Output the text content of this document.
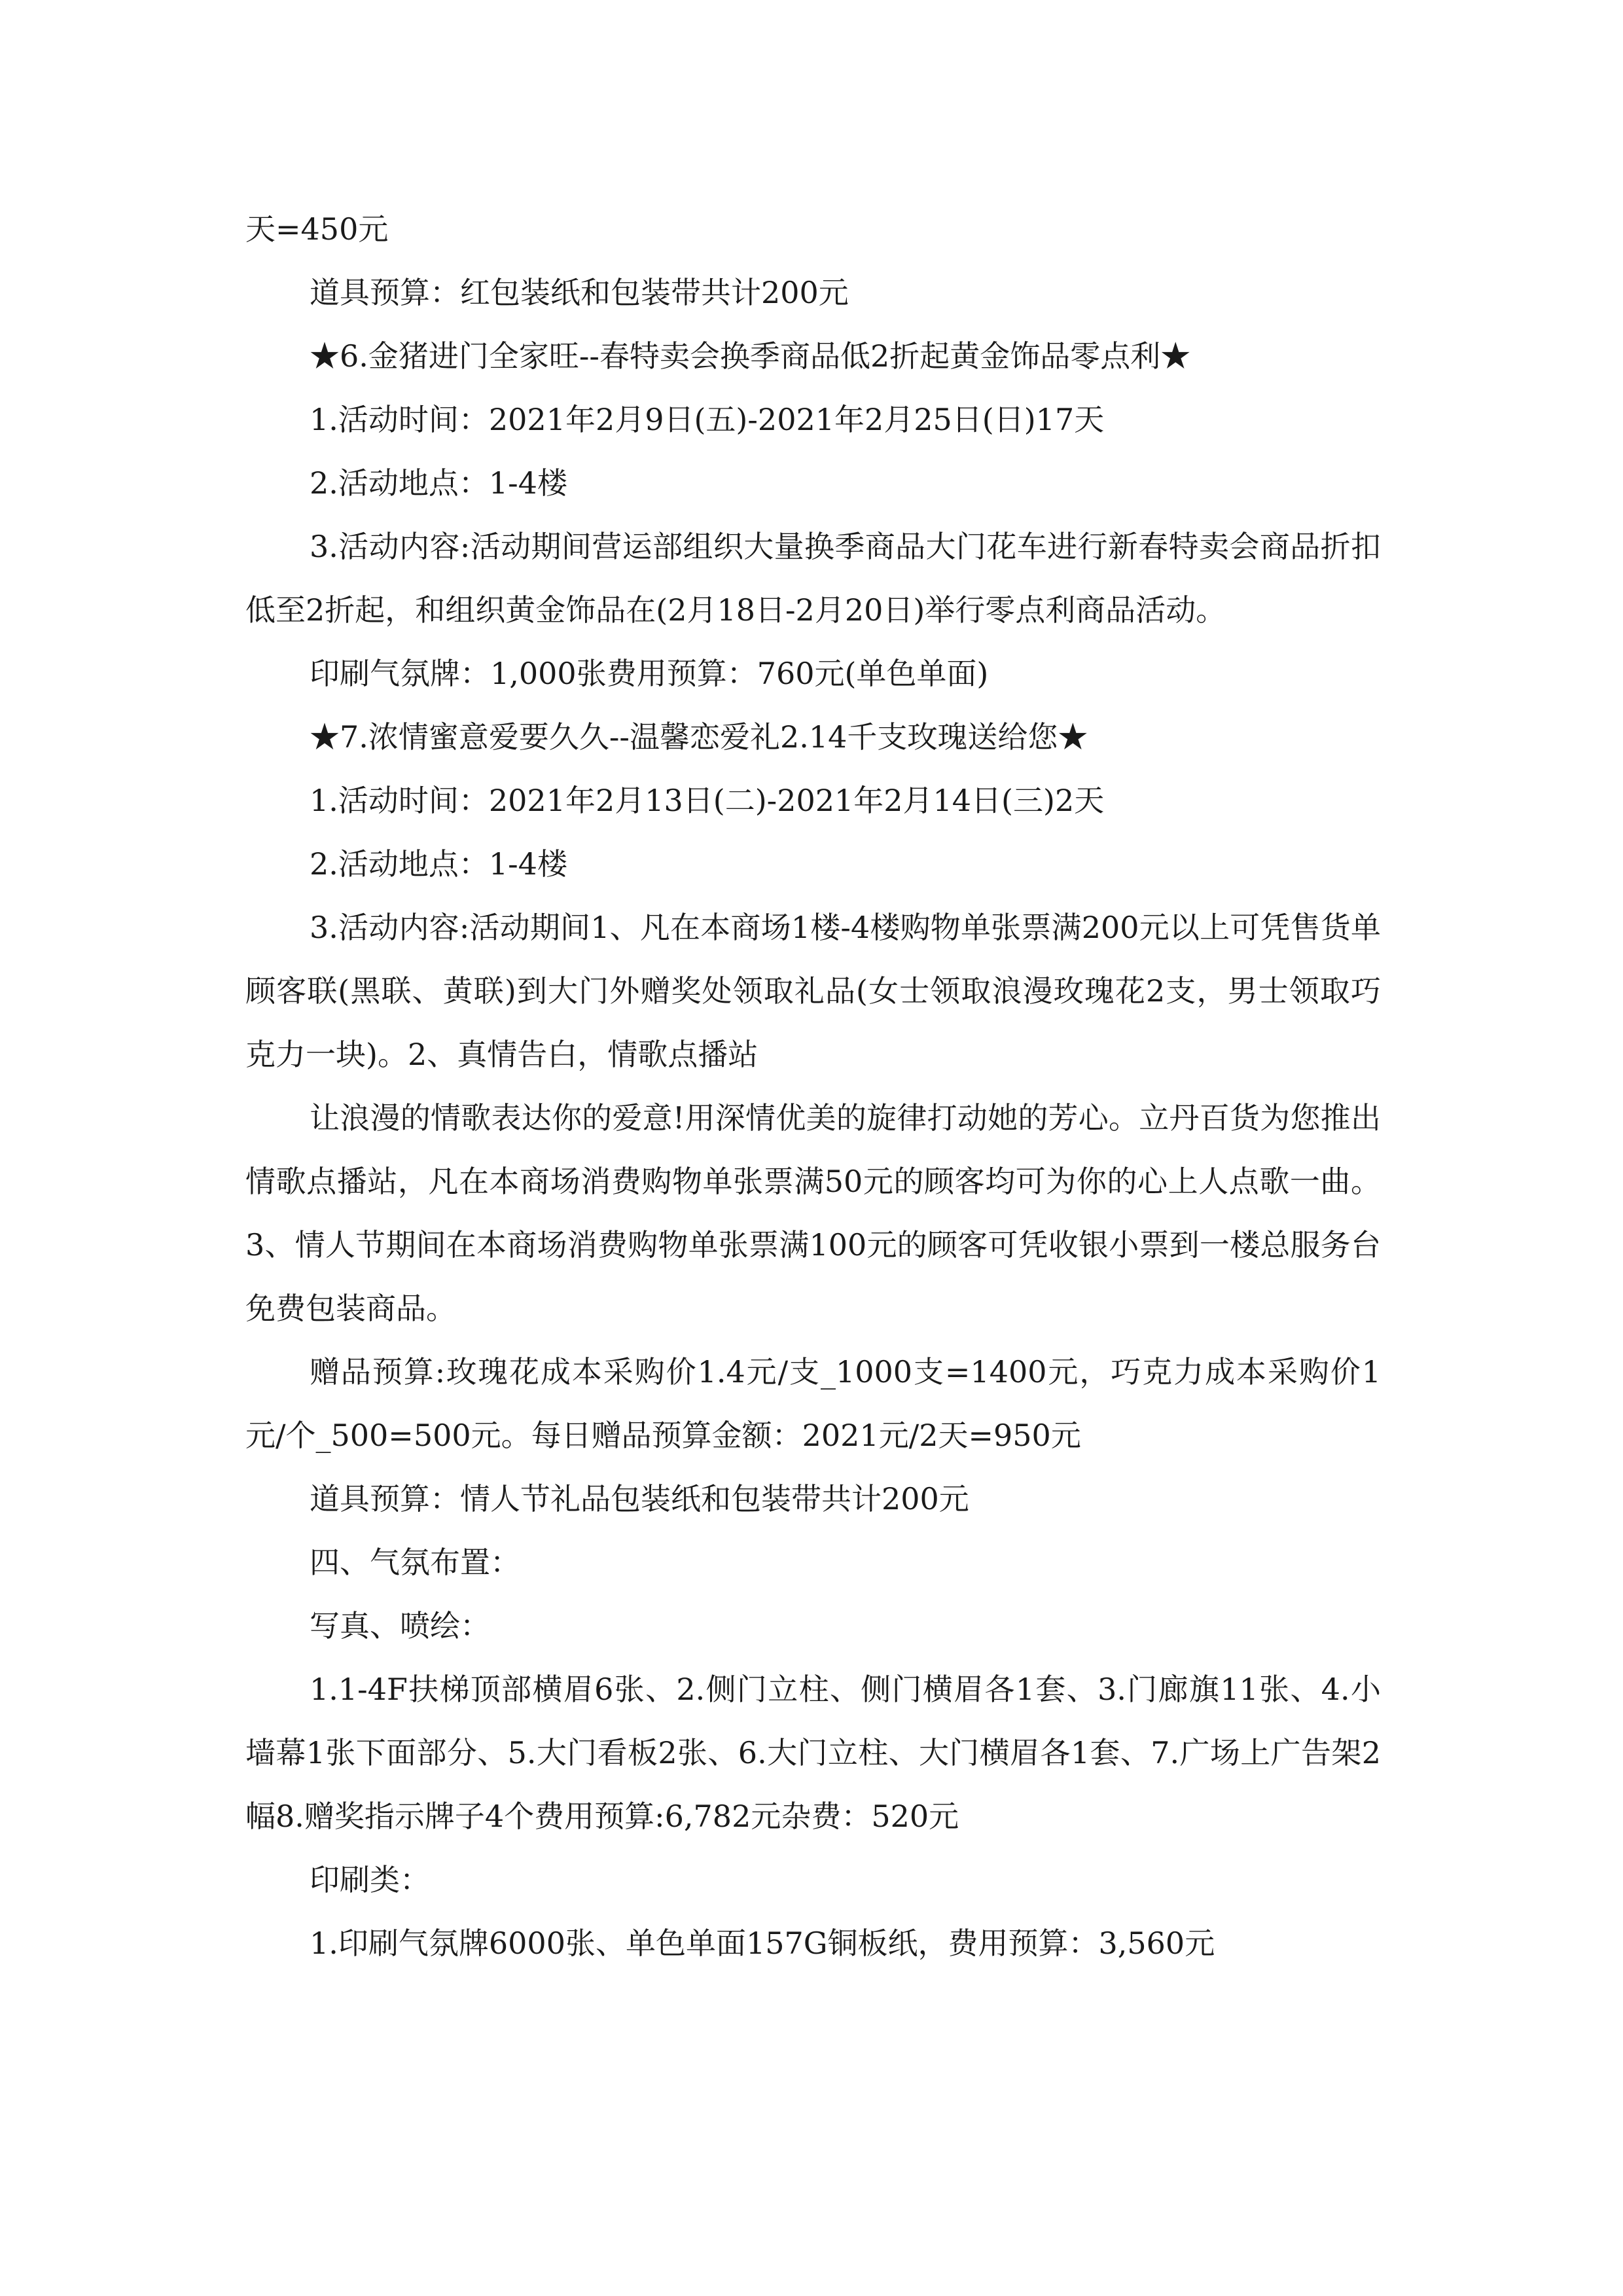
天=450元

道具预算：红包装纸和包装带共计200元

★6.金猪进门全家旺--春特卖会换季商品低2折起黄金饰品零点利★

1.活动时间：2021年2月9日(五)-2021年2月25日(日)17天

2.活动地点：1-4楼

3.活动内容:活动期间营运部组织大量换季商品大门花车进行新春特卖会商品折扣低至2折起，和组织黄金饰品在(2月18日-2月20日)举行零点利商品活动。

印刷气氛牌：1,000张费用预算：760元(单色单面)

★7.浓情蜜意爱要久久--温馨恋爱礼2.14千支玫瑰送给您★

1.活动时间：2021年2月13日(二)-2021年2月14日(三)2天

2.活动地点：1-4楼

3.活动内容:活动期间1、凡在本商场1楼-4楼购物单张票满200元以上可凭售货单顾客联(黑联、黄联)到大门外赠奖处领取礼品(女士领取浪漫玫瑰花2支，男士领取巧克力一块)。2、真情告白，情歌点播站

让浪漫的情歌表达你的爱意!用深情优美的旋律打动她的芳心。立丹百货为您推出情歌点播站，凡在本商场消费购物单张票满50元的顾客均可为你的心上人点歌一曲。3、情人节期间在本商场消费购物单张票满100元的顾客可凭收银小票到一楼总服务台免费包装商品。

赠品预算:玫瑰花成本采购价1.4元/支_1000支=1400元，巧克力成本采购价1元/个_500=500元。每日赠品预算金额：2021元/2天=950元

道具预算：情人节礼品包装纸和包装带共计200元

四、气氛布置：

写真、喷绘：

1.1-4F扶梯顶部横眉6张、2.侧门立柱、侧门横眉各1套、3.门廊旗11张、4.小墙幕1张下面部分、5.大门看板2张、6.大门立柱、大门横眉各1套、7.广场上广告架2幅8.赠奖指示牌子4个费用预算:6,782元杂费：520元

印刷类：

1.印刷气氛牌6000张、单色单面157G铜板纸，费用预算：3,560元
